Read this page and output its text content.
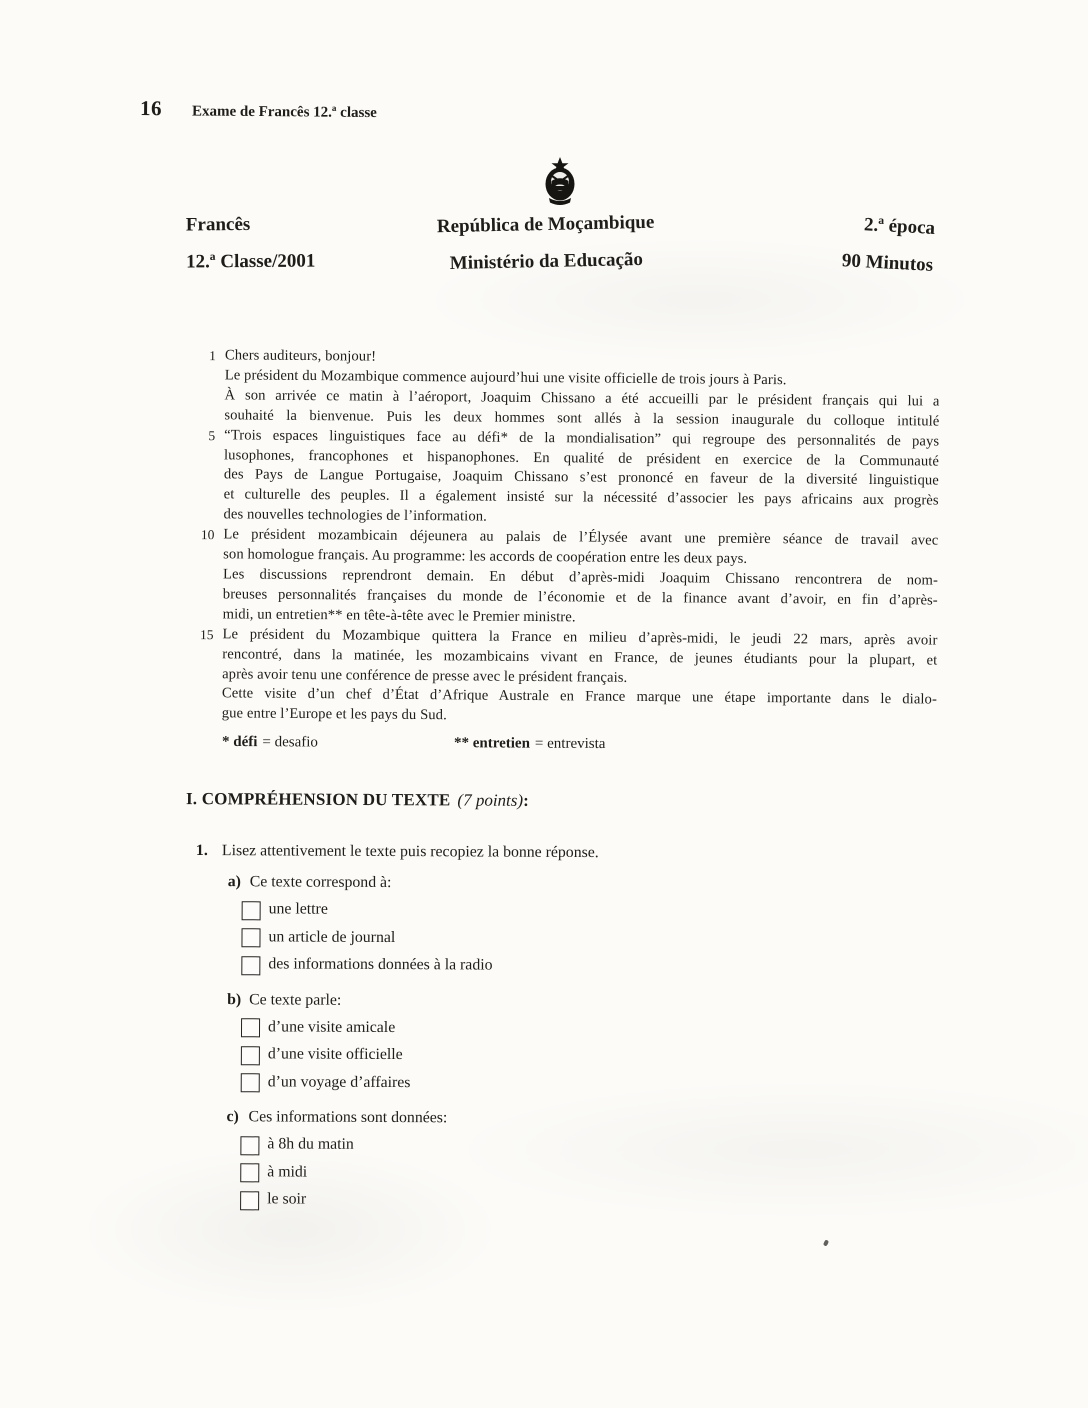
16 Exame de Francês 12.ª classe
Francês
12.ª Classe/2001
República de Moçambique
Ministério da Educação
2.ª época
90 Minutos
1 Chers auditeurs, bonjour!
Le président du Mozambique commence aujourd’hui une visite officielle de trois jours à Paris.
À son arrivée ce matin à l’aéroport, Joaquim Chissano a été accueilli par le président français qui lui a
souhaité la bienvenue. Puis les deux hommes sont allés à la session inaugurale du colloque intitulé
5 “Trois espaces linguistiques face au défi* de la mondialisation” qui regroupe des personnalités de pays
lusophones, francophones et hispanophones. En qualité de président en exercice de la Communauté
des Pays de Langue Portugaise, Joaquim Chissano s’est prononcé en faveur de la diversité linguistique
et culturelle des peuples. Il a également insisté sur la nécessité d’associer les pays africains aux progrès
des nouvelles technologies de l’information.
10 Le président mozambicain déjeunera au palais de l’Élysée avant une première séance de travail avec
son homologue français. Au programme: les accords de coopération entre les deux pays.
Les discussions reprendront demain. En début d’après-midi Joaquim Chissano rencontrera de nom-
breuses personnalités françaises du monde de l’économie et de la finance avant d’avoir, en fin d’après-
midi, un entretien** en tête-à-tête avec le Premier ministre.
15 Le président du Mozambique quittera la France en milieu d’après-midi, le jeudi 22 mars, après avoir
rencontré, dans la matinée, les mozambicains vivant en France, de jeunes étudiants pour la plupart, et
après avoir tenu une conférence de presse avec le président français.
Cette visite d’un chef d’État d’Afrique Australe en France marque une étape importante dans le dialo-
gue entre l’Europe et les pays du Sud.
* défi = desafio	** entretien = entrevista
I. COMPRÉHENSION DU TEXTE (7 points):
1. Lisez attentivement le texte puis recopiez la bonne réponse.
a) Ce texte correspond à:
une lettre
un article de journal
des informations données à la radio
b) Ce texte parle:
d’une visite amicale
d’une visite officielle
d’un voyage d’affaires
c) Ces informations sont données:
à 8h du matin
à midi
le soir
